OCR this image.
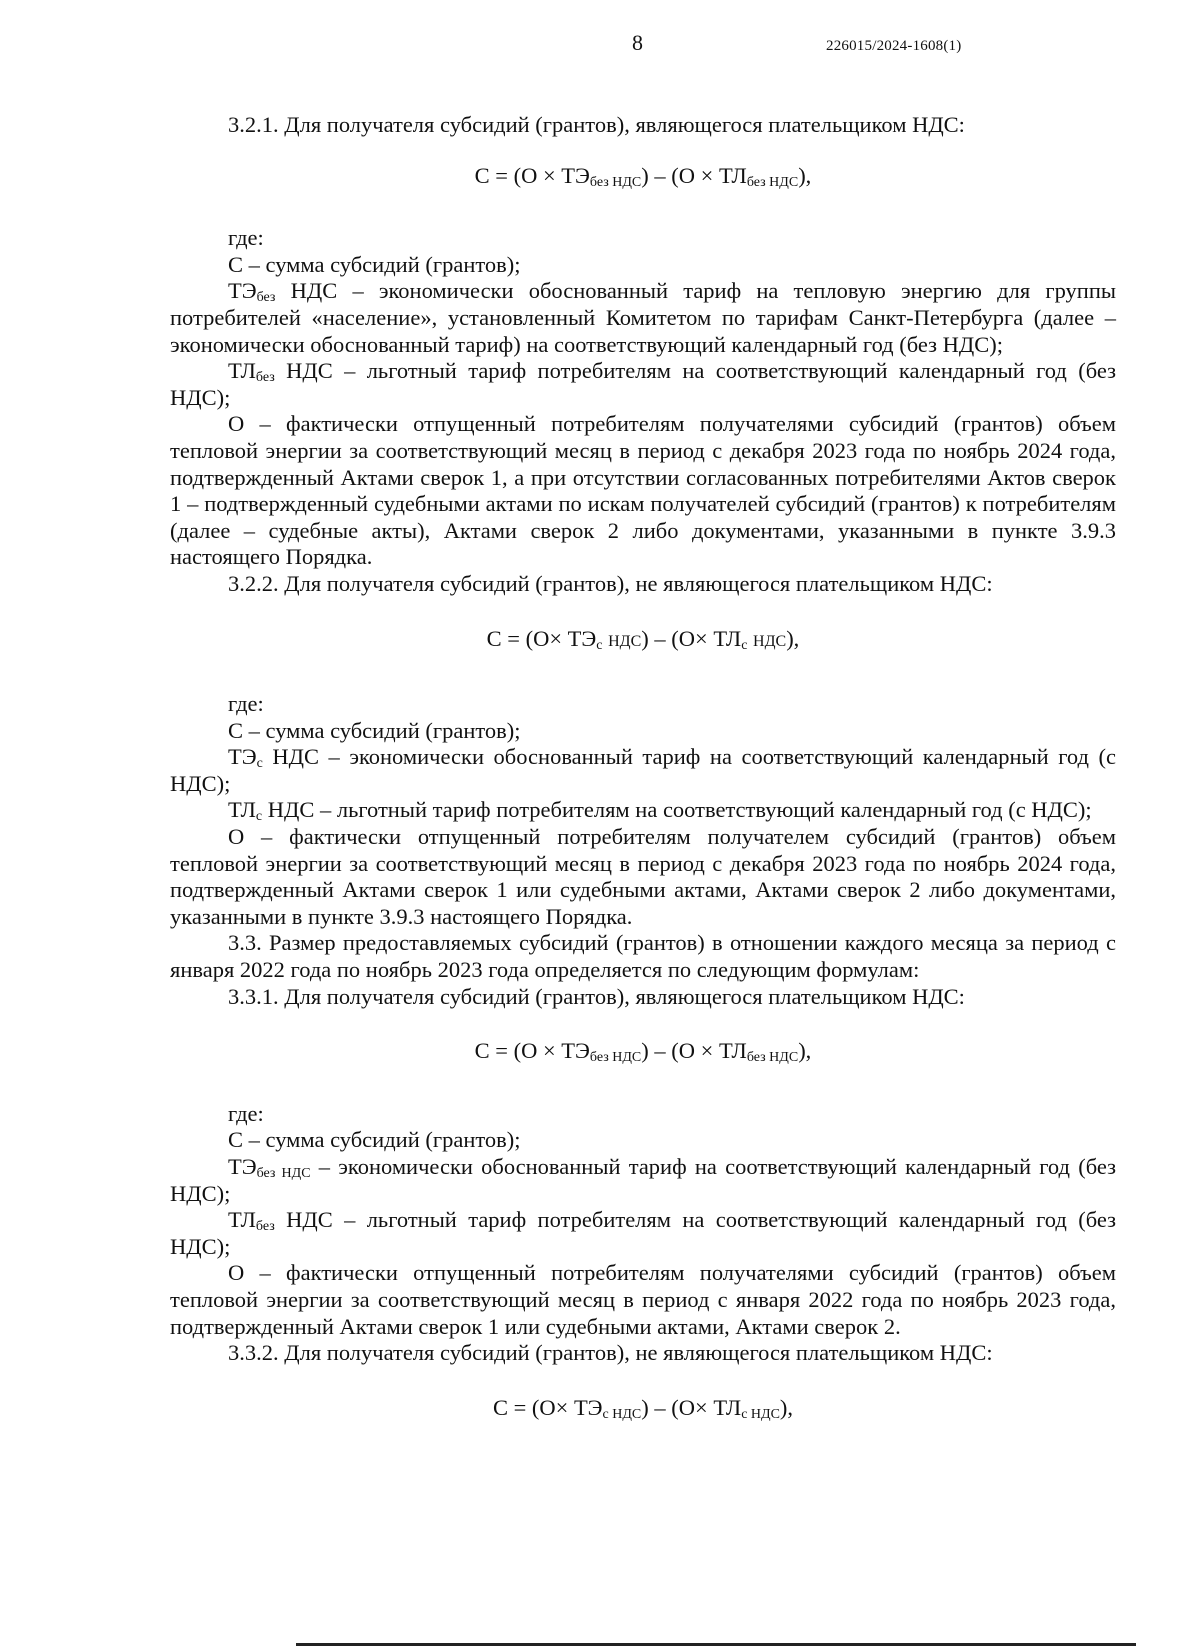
8	226015/2024-1608(1)

3.2.1. Для получателя субсидий (грантов), являющегося плательщиком НДС:

$С = (О \times ТЭ_{без НДС}) - (О \times ТЛ_{без НДС})$,

где:

С – сумма субсидий (грантов);

$ТЭ_{без}$ НДС – экономически обоснованный тариф на тепловую энергию для группы потребителей «население», установленный Комитетом по тарифам Санкт-Петербурга (далее – экономически обоснованный тариф) на соответствующий календарный год (без НДС);

$ТЛ_{без}$ НДС – льготный тариф потребителям на соответствующий календарный год (без НДС);

О – фактически отпущенный потребителям получателями субсидий (грантов) объем тепловой энергии за соответствующий месяц в период с декабря 2023 года по ноябрь 2024 года, подтвержденный Актами сверок 1, а при отсутствии согласованных потребителями Актов сверок 1 – подтвержденный судебными актами по искам получателей субсидий (грантов) к потребителям (далее – судебные акты), Актами сверок 2 либо документами, указанными в пункте 3.9.3 настоящего Порядка.

3.2.2. Для получателя субсидий (грантов), не являющегося плательщиком НДС:

$С = (О\times ТЭ_с$ $НДС) - (О\times ТЛ_с$ НДС),

где:

С – сумма субсидий (грантов);

$ТЭ_с$ НДС – экономически обоснованный тариф на соответствующий календарный год (с НДС);

$ТЛ_с$ НДС – льготный тариф потребителям на соответствующий календарный год (с НДС);

О – фактически отпущенный потребителям получателем субсидий (грантов) объем тепловой энергии за соответствующий месяц в период с декабря 2023 года по ноябрь 2024 года, подтвержденный Актами сверок 1 или судебными актами, Актами сверок 2 либо документами, указанными в пункте 3.9.3 настоящего Порядка.

3.3. Размер предоставляемых субсидий (грантов) в отношении каждого месяца за период с января 2022 года по ноябрь 2023 года определяется по следующим формулам:

3.3.1. Для получателя субсидий (грантов), являющегося плательщиком НДС:

$С = (О \times ТЭ_{без НДС}) - (О \times ТЛ_{без НДС})$,

где:

С – сумма субсидий (грантов);

$ТЭ_{без НДС}$ – экономически обоснованный тариф на соответствующий календарный год (без НДС);

$ТЛ_{без}$ НДС – льготный тариф потребителям на соответствующий календарный год (без НДС);

О – фактически отпущенный потребителям получателями субсидий (грантов) объем тепловой энергии за соответствующий месяц в период с января 2022 года по ноябрь 2023 года, подтвержденный Актами сверок 1 или судебными актами, Актами сверок 2.

3.3.2. Для получателя субсидий (грантов), не являющегося плательщиком НДС:

$С = (О\times ТЭ_{с НДС}) - (О\times ТЛ_{с НДС})$,
